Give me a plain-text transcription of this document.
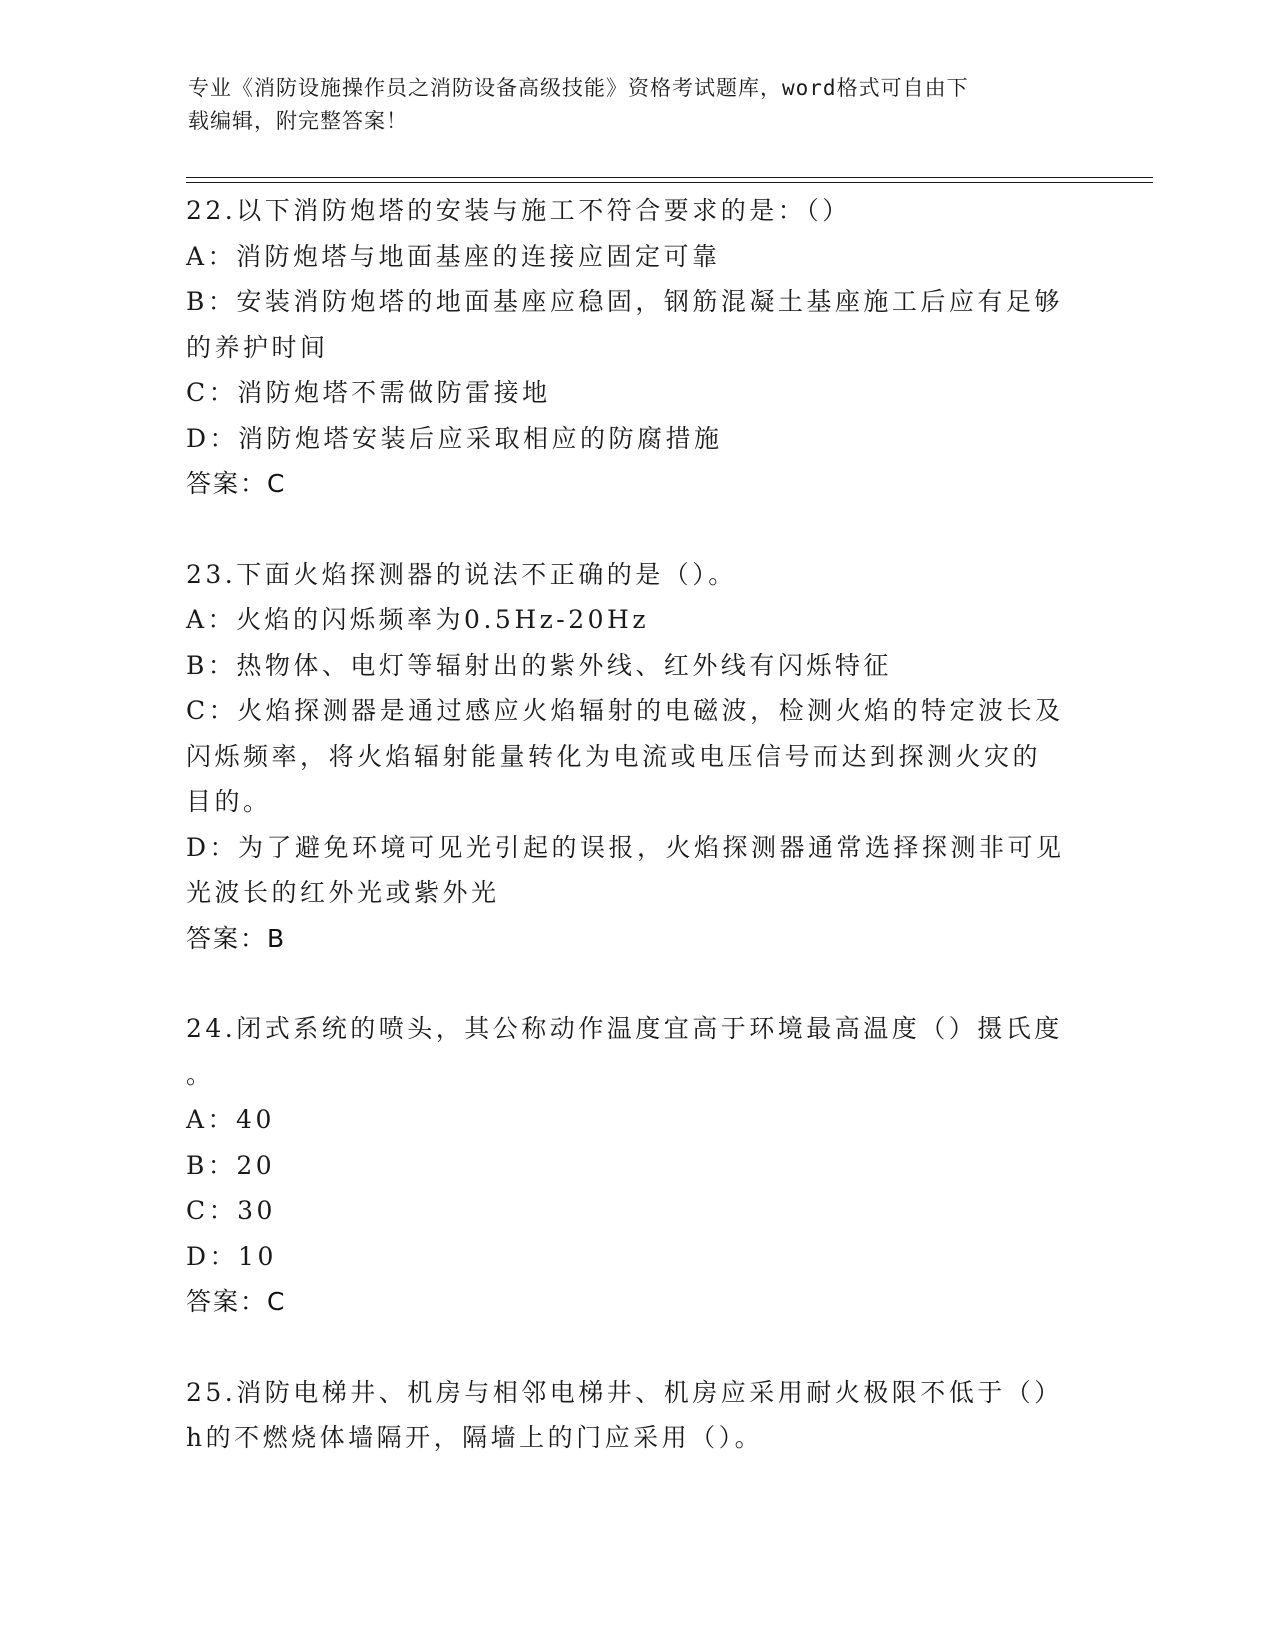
专业《消防设施操作员之消防设备高级技能》资格考试题库，word格式可自由下
载编辑，附完整答案！
22.以下消防炮塔的安装与施工不符合要求的是：（）
A：消防炮塔与地面基座的连接应固定可靠
B：安装消防炮塔的地面基座应稳固，钢筋混凝土基座施工后应有足够
的养护时间
C：消防炮塔不需做防雷接地
D：消防炮塔安装后应采取相应的防腐措施
答案：C
23.下面火焰探测器的说法不正确的是（）。
A：火焰的闪烁频率为0.5Hz-20Hz
B：热物体、电灯等辐射出的紫外线、红外线有闪烁特征
C：火焰探测器是通过感应火焰辐射的电磁波，检测火焰的特定波长及
闪烁频率，将火焰辐射能量转化为电流或电压信号而达到探测火灾的
目的。
D：为了避免环境可见光引起的误报，火焰探测器通常选择探测非可见
光波长的红外光或紫外光
答案：B
24.闭式系统的喷头，其公称动作温度宜高于环境最高温度（）摄氏度
。
A：40
B：20
C：30
D：10
答案：C
25.消防电梯井、机房与相邻电梯井、机房应采用耐火极限不低于（）
h的不燃烧体墙隔开，隔墙上的门应采用（）。
